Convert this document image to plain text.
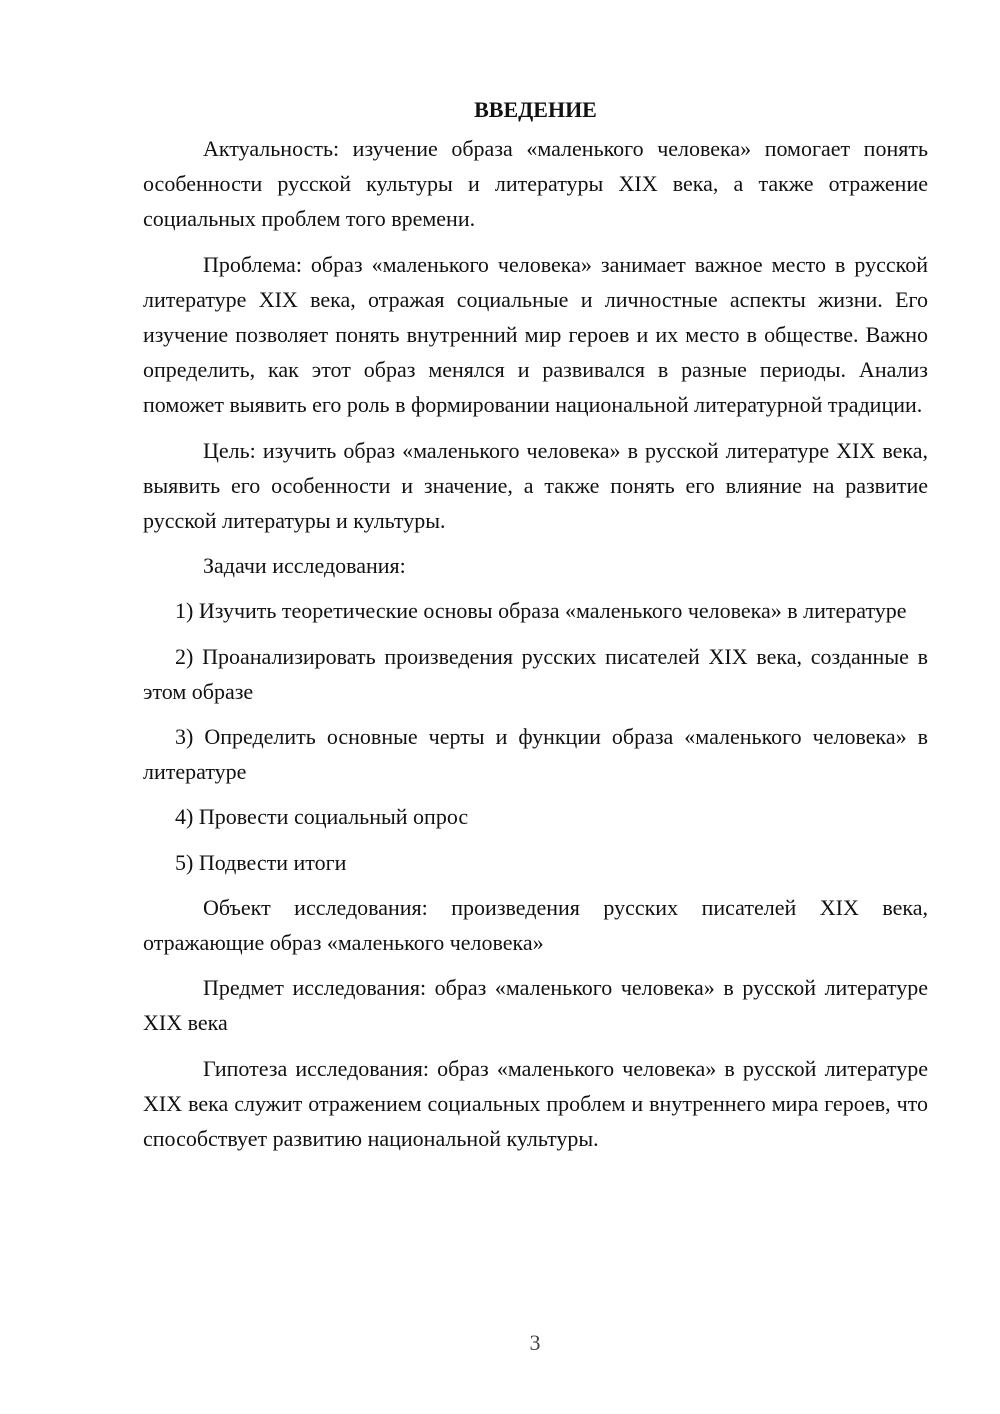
ВВЕДЕНИЕ

Актуальность: изучение образа «маленького человека» помогает понять особенности русской культуры и литературы XIX века, а также отражение социальных проблем того времени.

Проблема: образ «маленького человека» занимает важное место в русской литературе XIX века, отражая социальные и личностные аспекты жизни. Его изучение позволяет понять внутренний мир героев и их место в обществе. Важно определить, как этот образ менялся и развивался в разные периоды. Анализ поможет выявить его роль в формировании национальной литературной традиции.

Цель: изучить образ «маленького человека» в русской литературе XIX века, выявить его особенности и значение, а также понять его влияние на развитие русской литературы и культуры.

Задачи исследования:

1) Изучить теоретические основы образа «маленького человека» в литературе

2) Проанализировать произведения русских писателей XIX века, созданные в этом образе

3) Определить основные черты и функции образа «маленького человека» в литературе

4) Провести социальный опрос

5) Подвести итоги

Объект исследования: произведения русских писателей XIX века, отражающие образ «маленького человека»

Предмет исследования: образ «маленького человека» в русской литературе XIX века

Гипотеза исследования: образ «маленького человека» в русской литературе XIX века служит отражением социальных проблем и внутреннего мира героев, что способствует развитию национальной культуры.

3
